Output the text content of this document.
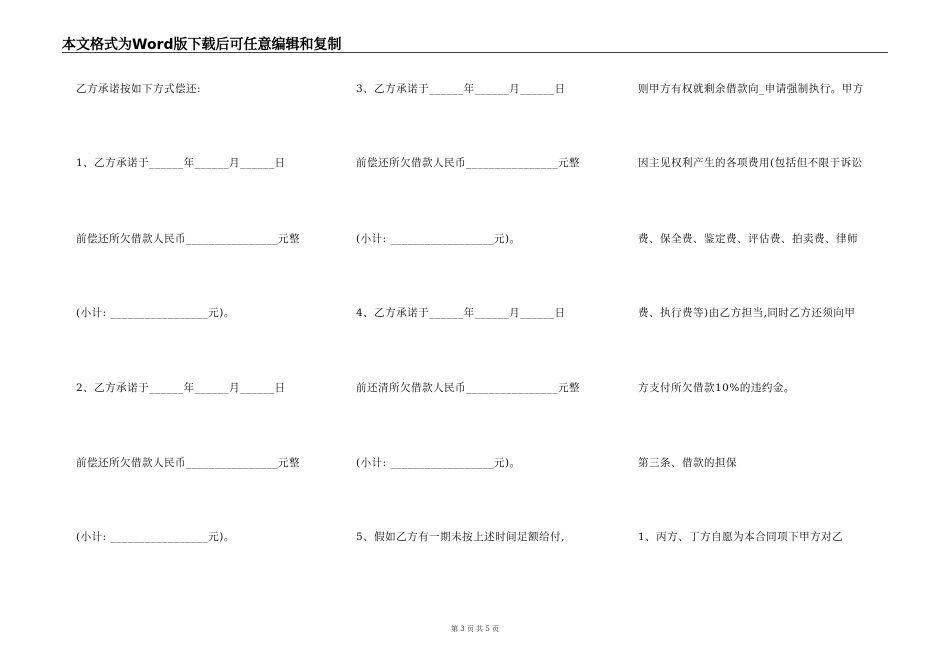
本文格式为Word版下载后可任意编辑和复制
乙方承诺按如下方式偿还:
1、乙方承诺于______年______月______日
前偿还所欠借款人民币________________元整
(小计: _________________元)。
2、乙方承诺于______年______月______日
前偿还所欠借款人民币________________元整
(小计: _________________元)。
3、乙方承诺于______年______月______日
前偿还所欠借款人民币________________元整
(小计: __________________元)。
4、乙方承诺于______年______月______日
前还清所欠借款人民币________________元整
(小计: __________________元)。
5、假如乙方有一期未按上述时间足额给付,
则甲方有权就剩余借款向_申请强制执行。甲方
因主见权利产生的各项费用(包括但不限于诉讼
费、保全费、鉴定费、评估费、拍卖费、律师
费、执行费等)由乙方担当,同时乙方还须向甲
方支付所欠借款10%的违约金。
第三条、借款的担保
1、丙方、丁方自愿为本合同项下甲方对乙
第 3 页 共 5 页
